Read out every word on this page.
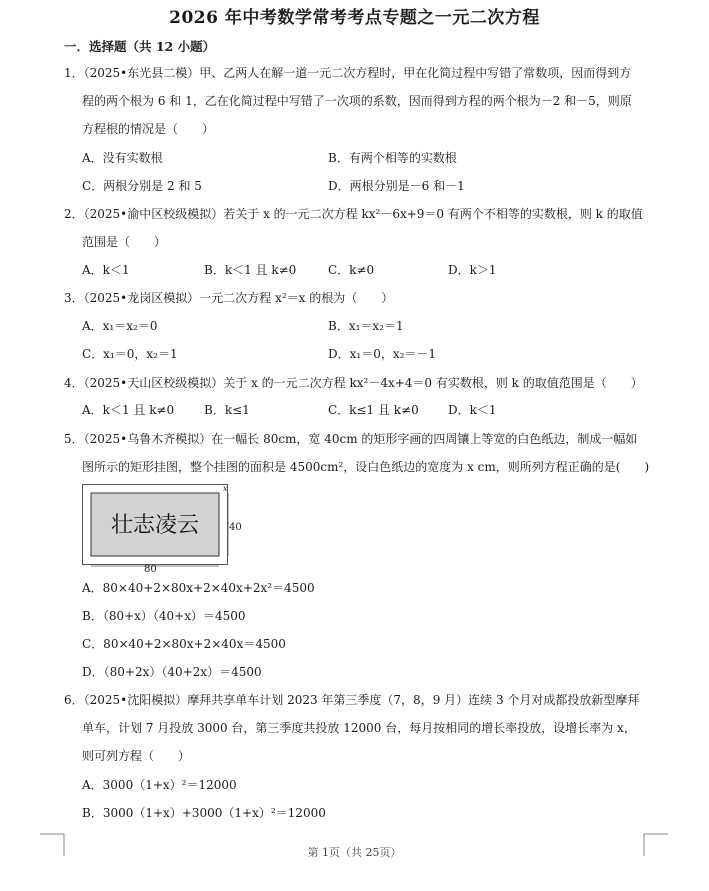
2026 年中考数学常考考点专题之一元二次方程
一．选择题（共 12 小题）
1．（2025•东光县二模）甲、乙两人在解一道一元二次方程时，甲在化简过程中写错了常数项，因而得到方
程的两个根为 6 和 1，乙在化简过程中写错了一次项的系数，因而得到方程的两个根为－2 和－5，则原
方程根的情况是（　　）
A．没有实数根	B．有两个相等的实数根
C．两根分别是 2 和 5	D．两根分别是－6 和－1
2．（2025•渝中区校级模拟）若关于 x 的一元二次方程 kx²－6x+9＝0 有两个不相等的实数根，则 k 的取值
范围是（　　）
A．k＜1	B．k＜1 且 k≠0	C．k≠0	D．k＞1
3．（2025•龙岗区模拟）一元二次方程 x²＝x 的根为（　　）
A．x₁＝x₂＝0	B．x₁＝x₂＝1
C．x₁＝0，x₂＝1	D．x₁＝0，x₂＝－1
4．（2025•天山区校级模拟）关于 x 的一元二次方程 kx²－4x+4＝0 有实数根，则 k 的取值范围是（　　）
A．k＜1 且 k≠0 B．k≤1	C．k≤1 且 k≠0 D．k＜1
5．（2025•乌鲁木齐模拟）在一幅长 80cm，宽 40cm 的矩形字画的四周镶上等宽的白色纸边，制成一幅如
图所示的矩形挂图，整个挂图的面积是 4500cm²，设白色纸边的宽度为 x cm，则所列方程正确的是(　　)
壮志凌云	40
80
x
A．80×40+2×80x+2×40x+2x²＝4500
B．（80+x）（40+x）＝4500
C．80×40+2×80x+2×40x＝4500
D．（80+2x）（40+2x）＝4500
6．（2025•沈阳模拟）摩拜共享单车计划 2023 年第三季度（7，8，9 月）连续 3 个月对成都投放新型摩拜
单车，计划 7 月投放 3000 台，第三季度共投放 12000 台，每月按相同的增长率投放，设增长率为 x，
则可列方程（　　）
A．3000（1+x）²＝12000
B．3000（1+x）+3000（1+x）²＝12000
第 1页（共 25页）
